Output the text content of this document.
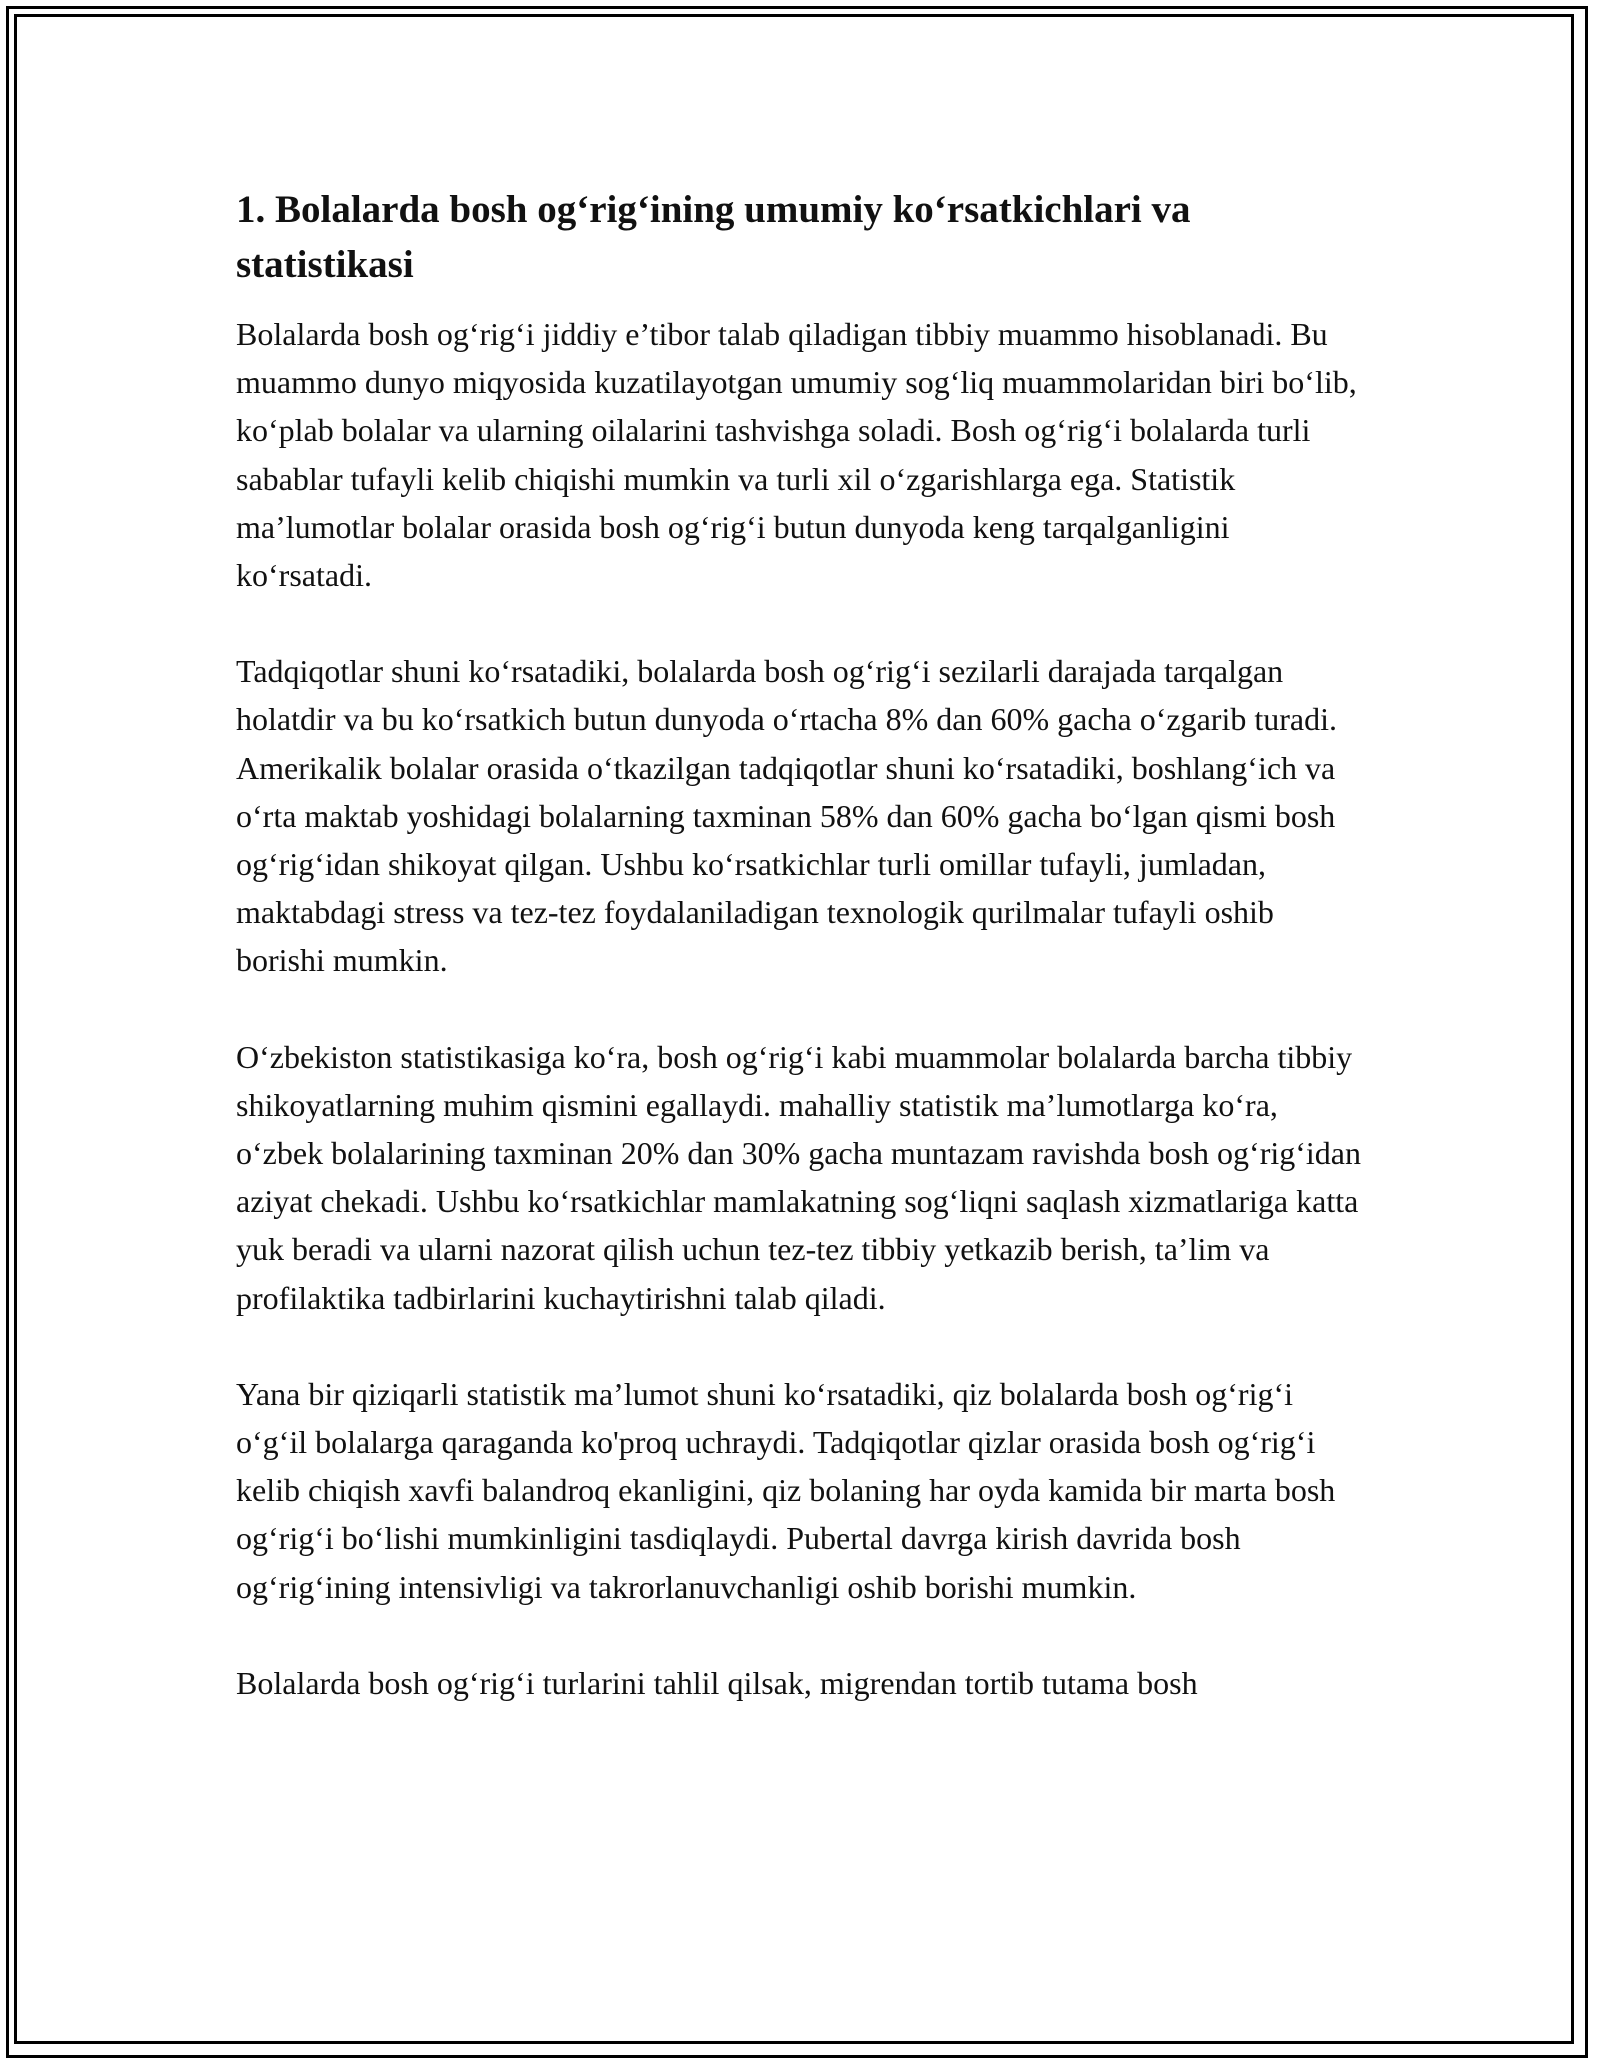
1. Bolalarda bosh og‘rig‘ining umumiy ko‘rsatkichlari va statistikasi

Bolalarda bosh og‘rig‘i jiddiy e’tibor talab qiladigan tibbiy muammo hisoblanadi. Bu muammo dunyo miqyosida kuzatilayotgan umumiy sog‘liq muammolaridan biri bo‘lib, ko‘plab bolalar va ularning oilalarini tashvishga soladi. Bosh og‘rig‘i bolalarda turli sabablar tufayli kelib chiqishi mumkin va turli xil o‘zgarishlarga ega. Statistik ma’lumotlar bolalar orasida bosh og‘rig‘i butun dunyoda keng tarqalganligini ko‘rsatadi.

Tadqiqotlar shuni ko‘rsatadiki, bolalarda bosh og‘rig‘i sezilarli darajada tarqalgan holatdir va bu ko‘rsatkich butun dunyoda o‘rtacha 8% dan 60% gacha o‘zgarib turadi. Amerikalik bolalar orasida o‘tkazilgan tadqiqotlar shuni ko‘rsatadiki, boshlang‘ich va o‘rta maktab yoshidagi bolalarning taxminan 58% dan 60% gacha bo‘lgan qismi bosh og‘rig‘idan shikoyat qilgan. Ushbu ko‘rsatkichlar turli omillar tufayli, jumladan, maktabdagi stress va tez-tez foydalaniladigan texnologik qurilmalar tufayli oshib borishi mumkin.

O‘zbekiston statistikasiga ko‘ra, bosh og‘rig‘i kabi muammolar bolalarda barcha tibbiy shikoyatlarning muhim qismini egallaydi. mahalliy statistik ma’lumotlarga ko‘ra, o‘zbek bolalarining taxminan 20% dan 30% gacha muntazam ravishda bosh og‘rig‘idan aziyat chekadi. Ushbu ko‘rsatkichlar mamlakatning sog‘liqni saqlash xizmatlariga katta yuk beradi va ularni nazorat qilish uchun tez-tez tibbiy yetkazib berish, ta’lim va profilaktika tadbirlarini kuchaytirishni talab qiladi.

Yana bir qiziqarli statistik ma’lumot shuni ko‘rsatadiki, qiz bolalarda bosh og‘rig‘i o‘g‘il bolalarga qaraganda ko'proq uchraydi. Tadqiqotlar qizlar orasida bosh og‘rig‘i kelib chiqish xavfi balandroq ekanligini, qiz bolaning har oyda kamida bir marta bosh og‘rig‘i bo‘lishi mumkinligini tasdiqlaydi. Pubertal davrga kirish davrida bosh og‘rig‘ining intensivligi va takrorlanuvchanligi oshib borishi mumkin.

Bolalarda bosh og‘rig‘i turlarini tahlil qilsak, migrendan tortib tutama bosh
